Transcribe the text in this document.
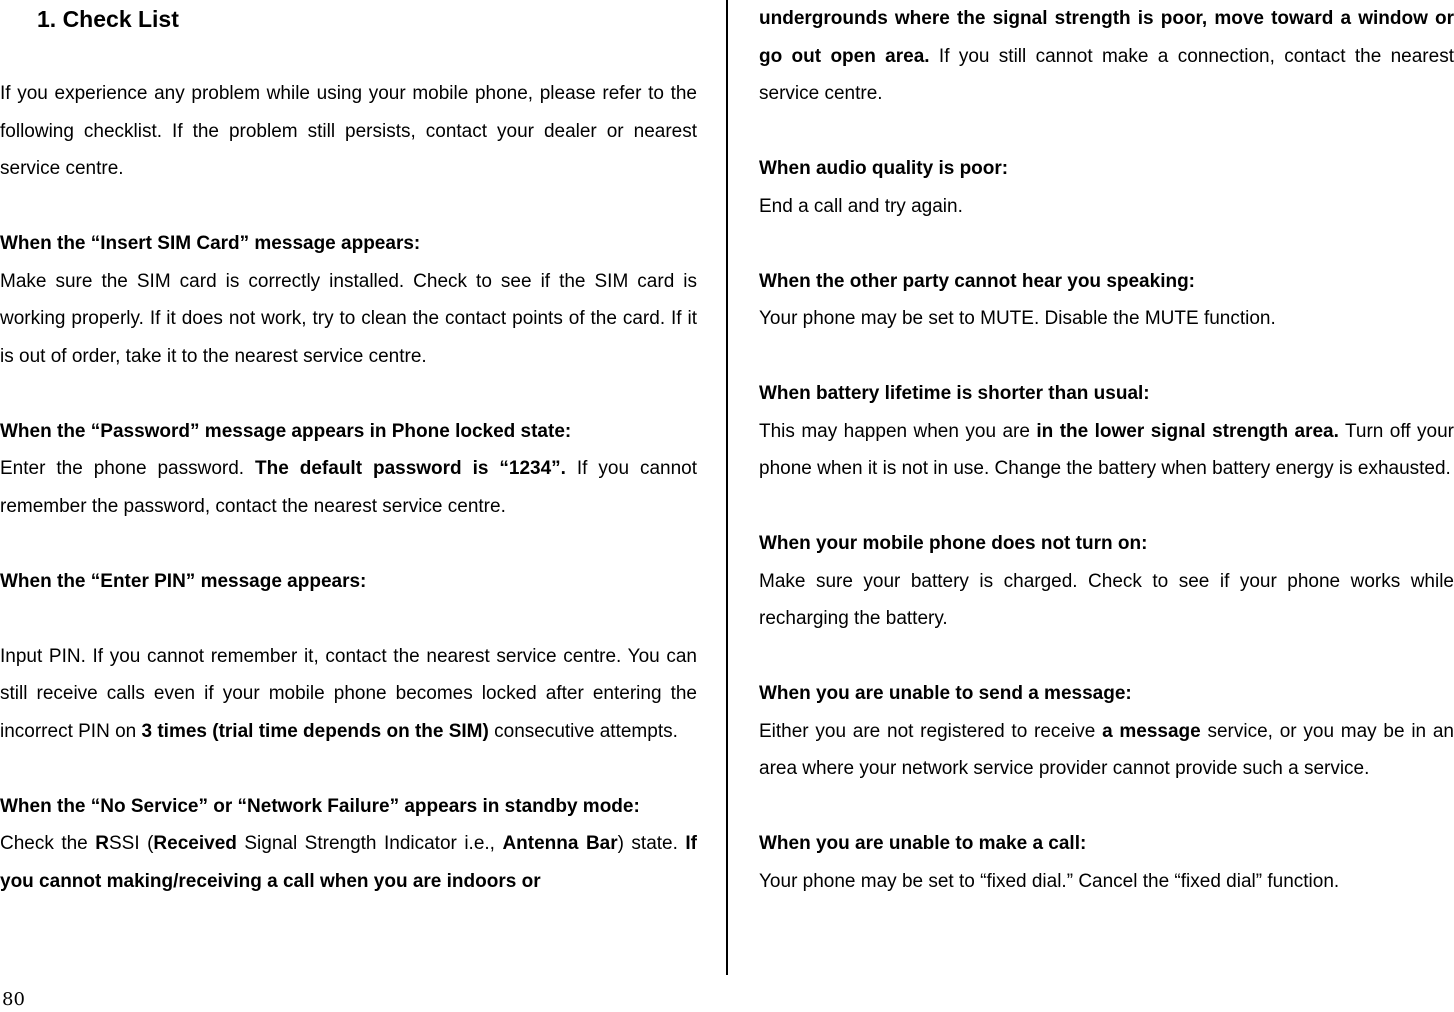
1. Check List

If you experience any problem while using your mobile phone, please refer to the following checklist. If the problem still persists, contact your dealer or nearest service centre.

When the “Insert SIM Card” message appears:

Make sure the SIM card is correctly installed. Check to see if the SIM card is working properly. If it does not work, try to clean the contact points of the card. If it is out of order, take it to the nearest service centre.

When the “Password” message appears in Phone locked state:

Enter the phone password. The default password is “1234”. If you cannot remember the password, contact the nearest service centre.

When the “Enter PIN” message appears:

Input PIN. If you cannot remember it, contact the nearest service centre. You can still receive calls even if your mobile phone becomes locked after entering the incorrect PIN on 3 times (trial time depends on the SIM) consecutive attempts.

When the “No Service” or “Network Failure” appears in standby mode:

Check the RSSI (Received Signal Strength Indicator i.e., Antenna Bar) state. If you cannot making/receiving a call when you are indoors or

undergrounds where the signal strength is poor, move toward a window or go out open area. If you still cannot make a connection, contact the nearest service centre.

When audio quality is poor:

End a call and try again.

When the other party cannot hear you speaking:

Your phone may be set to MUTE. Disable the MUTE function.

When battery lifetime is shorter than usual:

This may happen when you are in the lower signal strength area. Turn off your phone when it is not in use. Change the battery when battery energy is exhausted.

When your mobile phone does not turn on:

Make sure your battery is charged. Check to see if your phone works while recharging the battery.

When you are unable to send a message:

Either you are not registered to receive a message service, or you may be in an area where your network service provider cannot provide such a service.

When you are unable to make a call:

Your phone may be set to “fixed dial.” Cancel the “fixed dial” function.

80
